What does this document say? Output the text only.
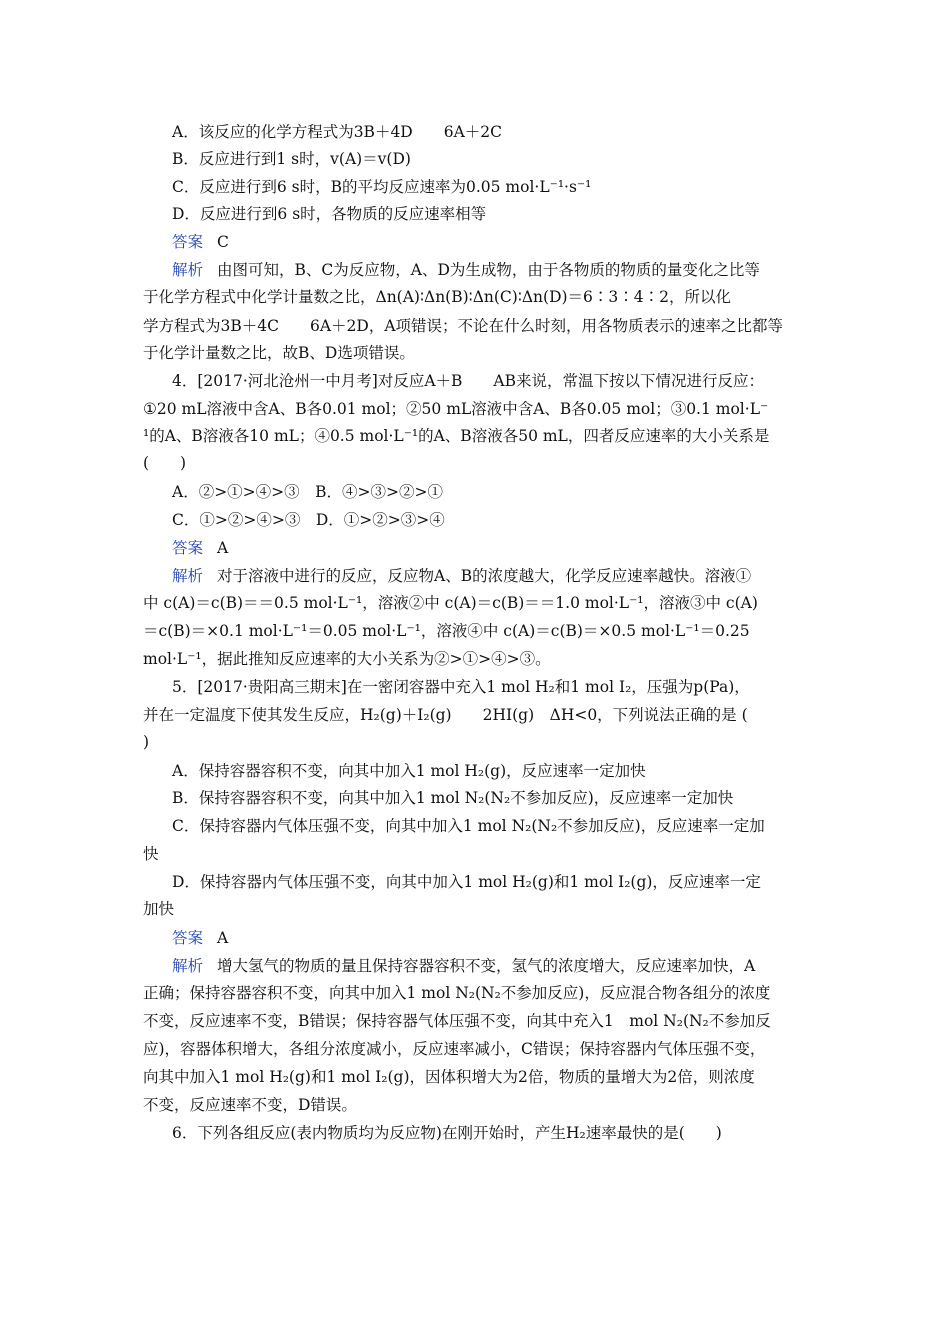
A．该反应的化学方程式为3B＋4D　　6A＋2C
B．反应进行到1 s时，v(A)＝v(D)
C．反应进行到6 s时，B的平均反应速率为0.05 mol·L⁻¹·s⁻¹
D．反应进行到6 s时，各物质的反应速率相等
答案 C
解析 由图可知，B、C为反应物，A、D为生成物，由于各物质的物质的量变化之比等
于化学方程式中化学计量数之比，Δn(A)∶Δn(B)∶Δn(C)∶Δn(D)＝6∶3∶4∶2，所以化
学方程式为3B＋4C　　6A＋2D，A项错误；不论在什么时刻，用各物质表示的速率之比都等
于化学计量数之比，故B、D选项错误。
4．[2017·河北沧州一中月考]对反应A＋B　　AB来说，常温下按以下情况进行反应：
①20 mL溶液中含A、B各0.01 mol；②50 mL溶液中含A、B各0.05 mol；③0.1 mol·L⁻
¹的A、B溶液各10 mL；④0.5 mol·L⁻¹的A、B溶液各50 mL，四者反应速率的大小关系是
(　　)
A．②>①>④>③　B．④>③>②>①
C．①>②>④>③　D．①>②>③>④
答案 A
解析 对于溶液中进行的反应，反应物A、B的浓度越大，化学反应速率越快。溶液①
中 c(A)＝c(B)＝＝0.5 mol·L⁻¹，溶液②中 c(A)＝c(B)＝＝1.0 mol·L⁻¹，溶液③中 c(A)
＝c(B)＝×0.1 mol·L⁻¹＝0.05 mol·L⁻¹，溶液④中 c(A)＝c(B)＝×0.5 mol·L⁻¹＝0.25
mol·L⁻¹，据此推知反应速率的大小关系为②>①>④>③。
5．[2017·贵阳高三期末]在一密闭容器中充入1 mol H₂和1 mol I₂，压强为p(Pa)，
并在一定温度下使其发生反应，H₂(g)＋I₂(g)　　2HI(g)　ΔH<0，下列说法正确的是 (
)
A．保持容器容积不变，向其中加入1 mol H₂(g)，反应速率一定加快
B．保持容器容积不变，向其中加入1 mol N₂(N₂不参加反应)，反应速率一定加快
C．保持容器内气体压强不变，向其中加入1 mol N₂(N₂不参加反应)，反应速率一定加
快
D．保持容器内气体压强不变，向其中加入1 mol H₂(g)和1 mol I₂(g)，反应速率一定
加快
答案 A
解析 增大氢气的物质的量且保持容器容积不变，氢气的浓度增大，反应速率加快，A
正确；保持容器容积不变，向其中加入1 mol N₂(N₂不参加反应)，反应混合物各组分的浓度
不变，反应速率不变，B错误；保持容器气体压强不变，向其中充入1　mol N₂(N₂不参加反
应)，容器体积增大，各组分浓度减小，反应速率减小，C错误；保持容器内气体压强不变，
向其中加入1 mol H₂(g)和1 mol I₂(g)，因体积增大为2倍，物质的量增大为2倍，则浓度
不变，反应速率不变，D错误。
6．下列各组反应(表内物质均为反应物)在刚开始时，产生H₂速率最快的是(　　)
